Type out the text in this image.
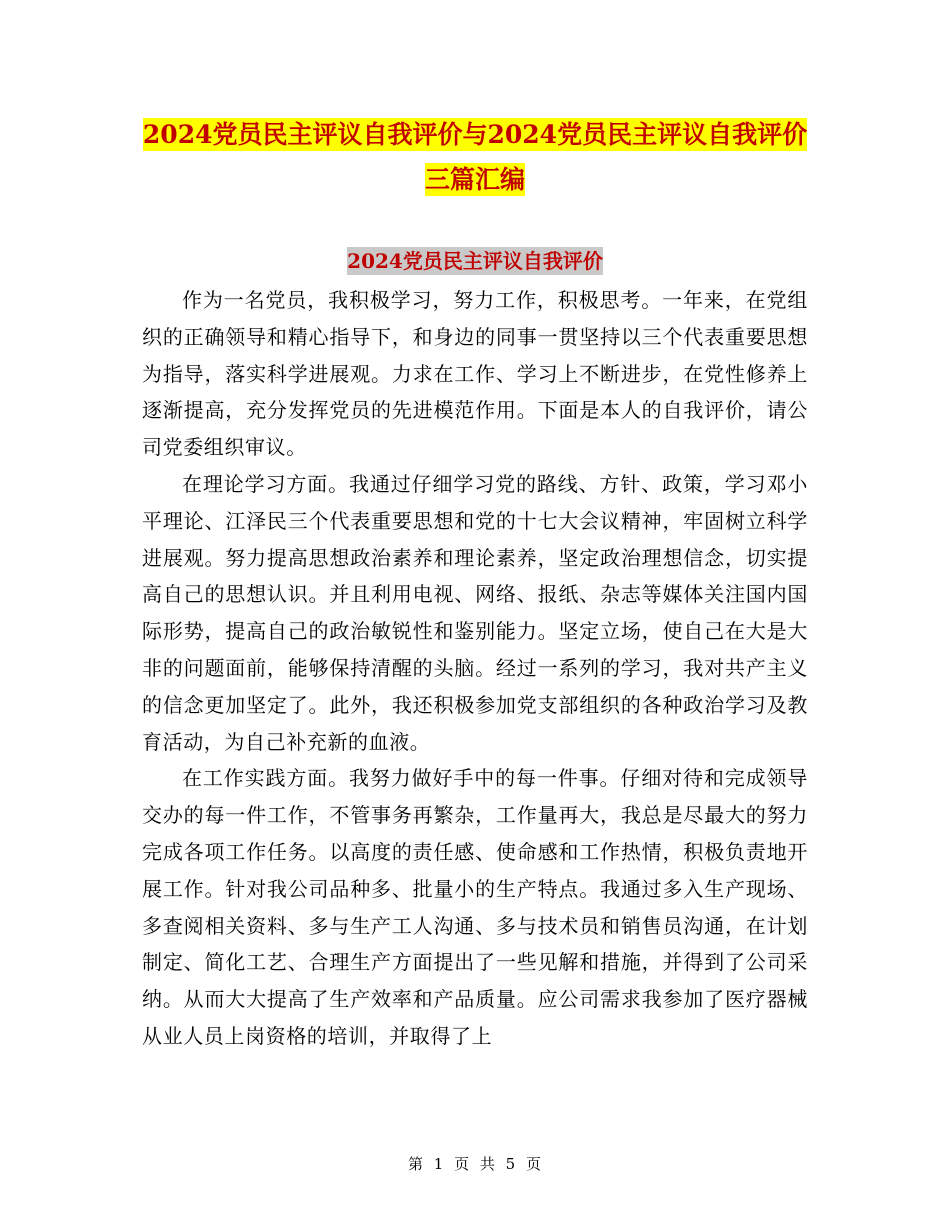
2024党员民主评议自我评价与2024党员民主评议自我评价三篇汇编
2024党员民主评议自我评价

作为一名党员，我积极学习，努力工作，积极思考。一年来，在党组织的正确领导和精心指导下，和身边的同事一贯坚持以三个代表重要思想为指导，落实科学进展观。力求在工作、学习上不断进步，在党性修养上逐渐提高，充分发挥党员的先进模范作用。下面是本人的自我评价，请公司党委组织审议。

在理论学习方面。我通过仔细学习党的路线、方针、政策，学习邓小平理论、江泽民三个代表重要思想和党的十七大会议精神，牢固树立科学进展观。努力提高思想政治素养和理论素养，坚定政治理想信念，切实提高自己的思想认识。并且利用电视、网络、报纸、杂志等媒体关注国内国际形势，提高自己的政治敏锐性和鉴别能力。坚定立场，使自己在大是大非的问题面前，能够保持清醒的头脑。经过一系列的学习，我对共产主义的信念更加坚定了。此外，我还积极参加党支部组织的各种政治学习及教育活动，为自己补充新的血液。

在工作实践方面。我努力做好手中的每一件事。仔细对待和完成领导交办的每一件工作，不管事务再繁杂，工作量再大，我总是尽最大的努力完成各项工作任务。以高度的责任感、使命感和工作热情，积极负责地开展工作。针对我公司品种多、批量小的生产特点。我通过多入生产现场、多查阅相关资料、多与生产工人沟通、多与技术员和销售员沟通，在计划制定、简化工艺、合理生产方面提出了一些见解和措施，并得到了公司采纳。从而大大提高了生产效率和产品质量。应公司需求我参加了医疗器械从业人员上岗资格的培训，并取得了上

第 1 页 共 5 页
